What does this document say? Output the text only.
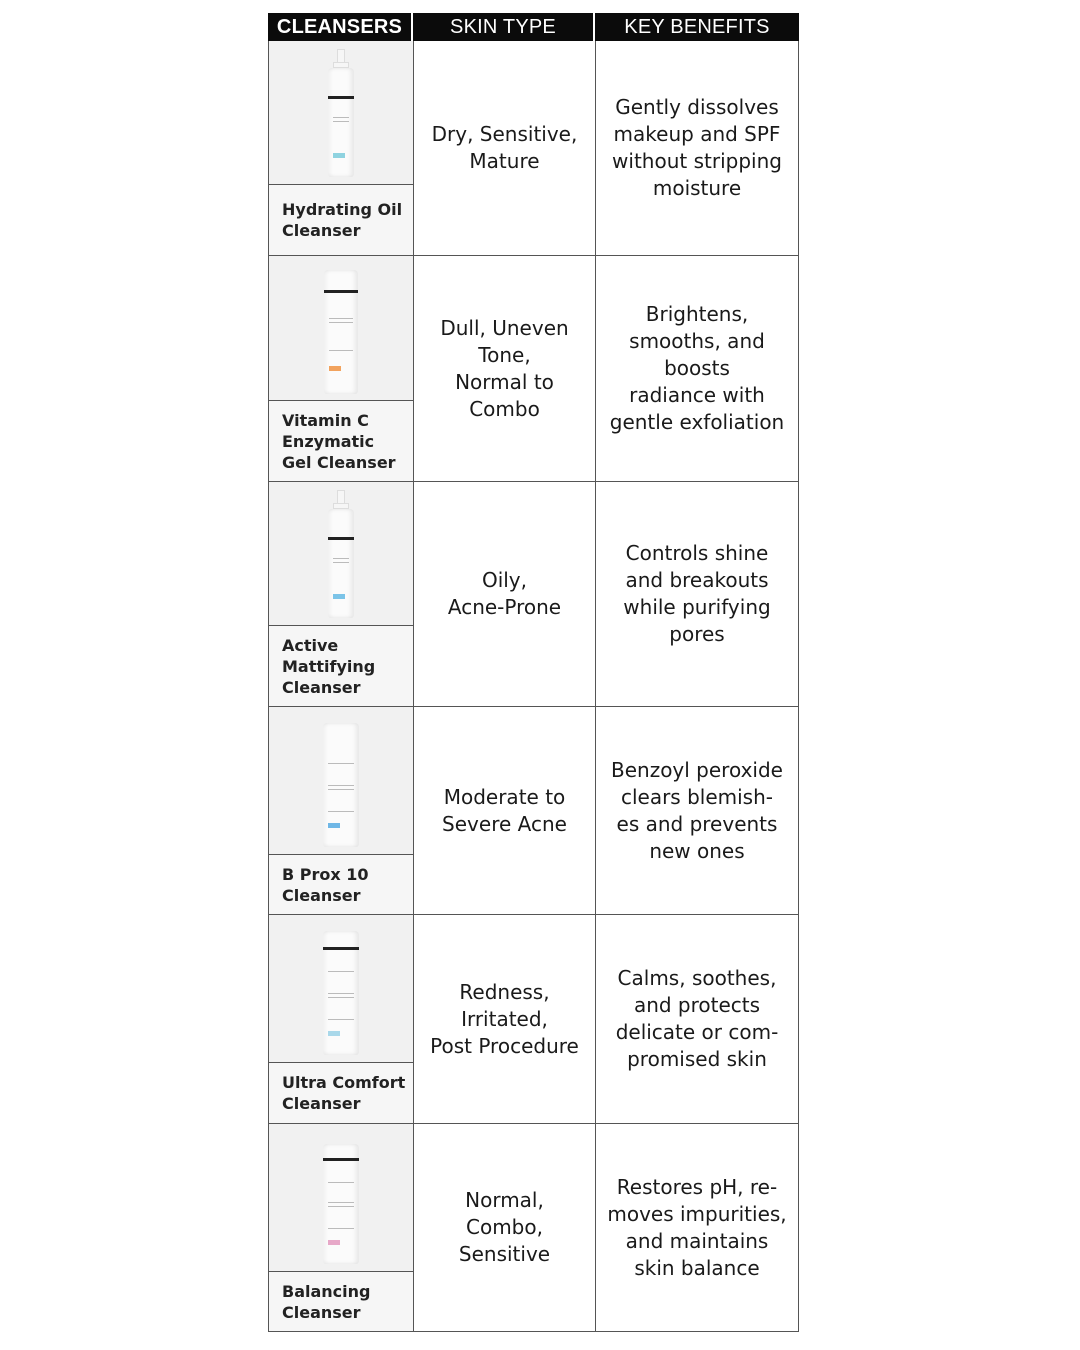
CLEANSERS	SKIN TYPE	KEY BENEFITS
Hydrating Oil
Cleanser
Dry, Sensitive,
Mature
Gently dissolves
makeup and SPF
without stripping
moisture
Vitamin C
Enzymatic
Gel Cleanser
Dull, Uneven
Tone,
Normal to
Combo
Brightens,
smooths, and
boosts
radiance with
gentle exfoliation
Active
Mattifying
Cleanser
Oily,
Acne-Prone
Controls shine
and breakouts
while purifying
pores
B Prox 10
Cleanser
Moderate to
Severe Acne
Benzoyl peroxide
clears blemish-
es and prevents
new ones
Ultra Comfort
Cleanser
Redness,
Irritated,
Post Procedure
Calms, soothes,
and protects
delicate or com-
promised skin
Balancing
Cleanser
Normal,
Combo,
Sensitive
Restores pH, re-
moves impurities,
and maintains
skin balance
